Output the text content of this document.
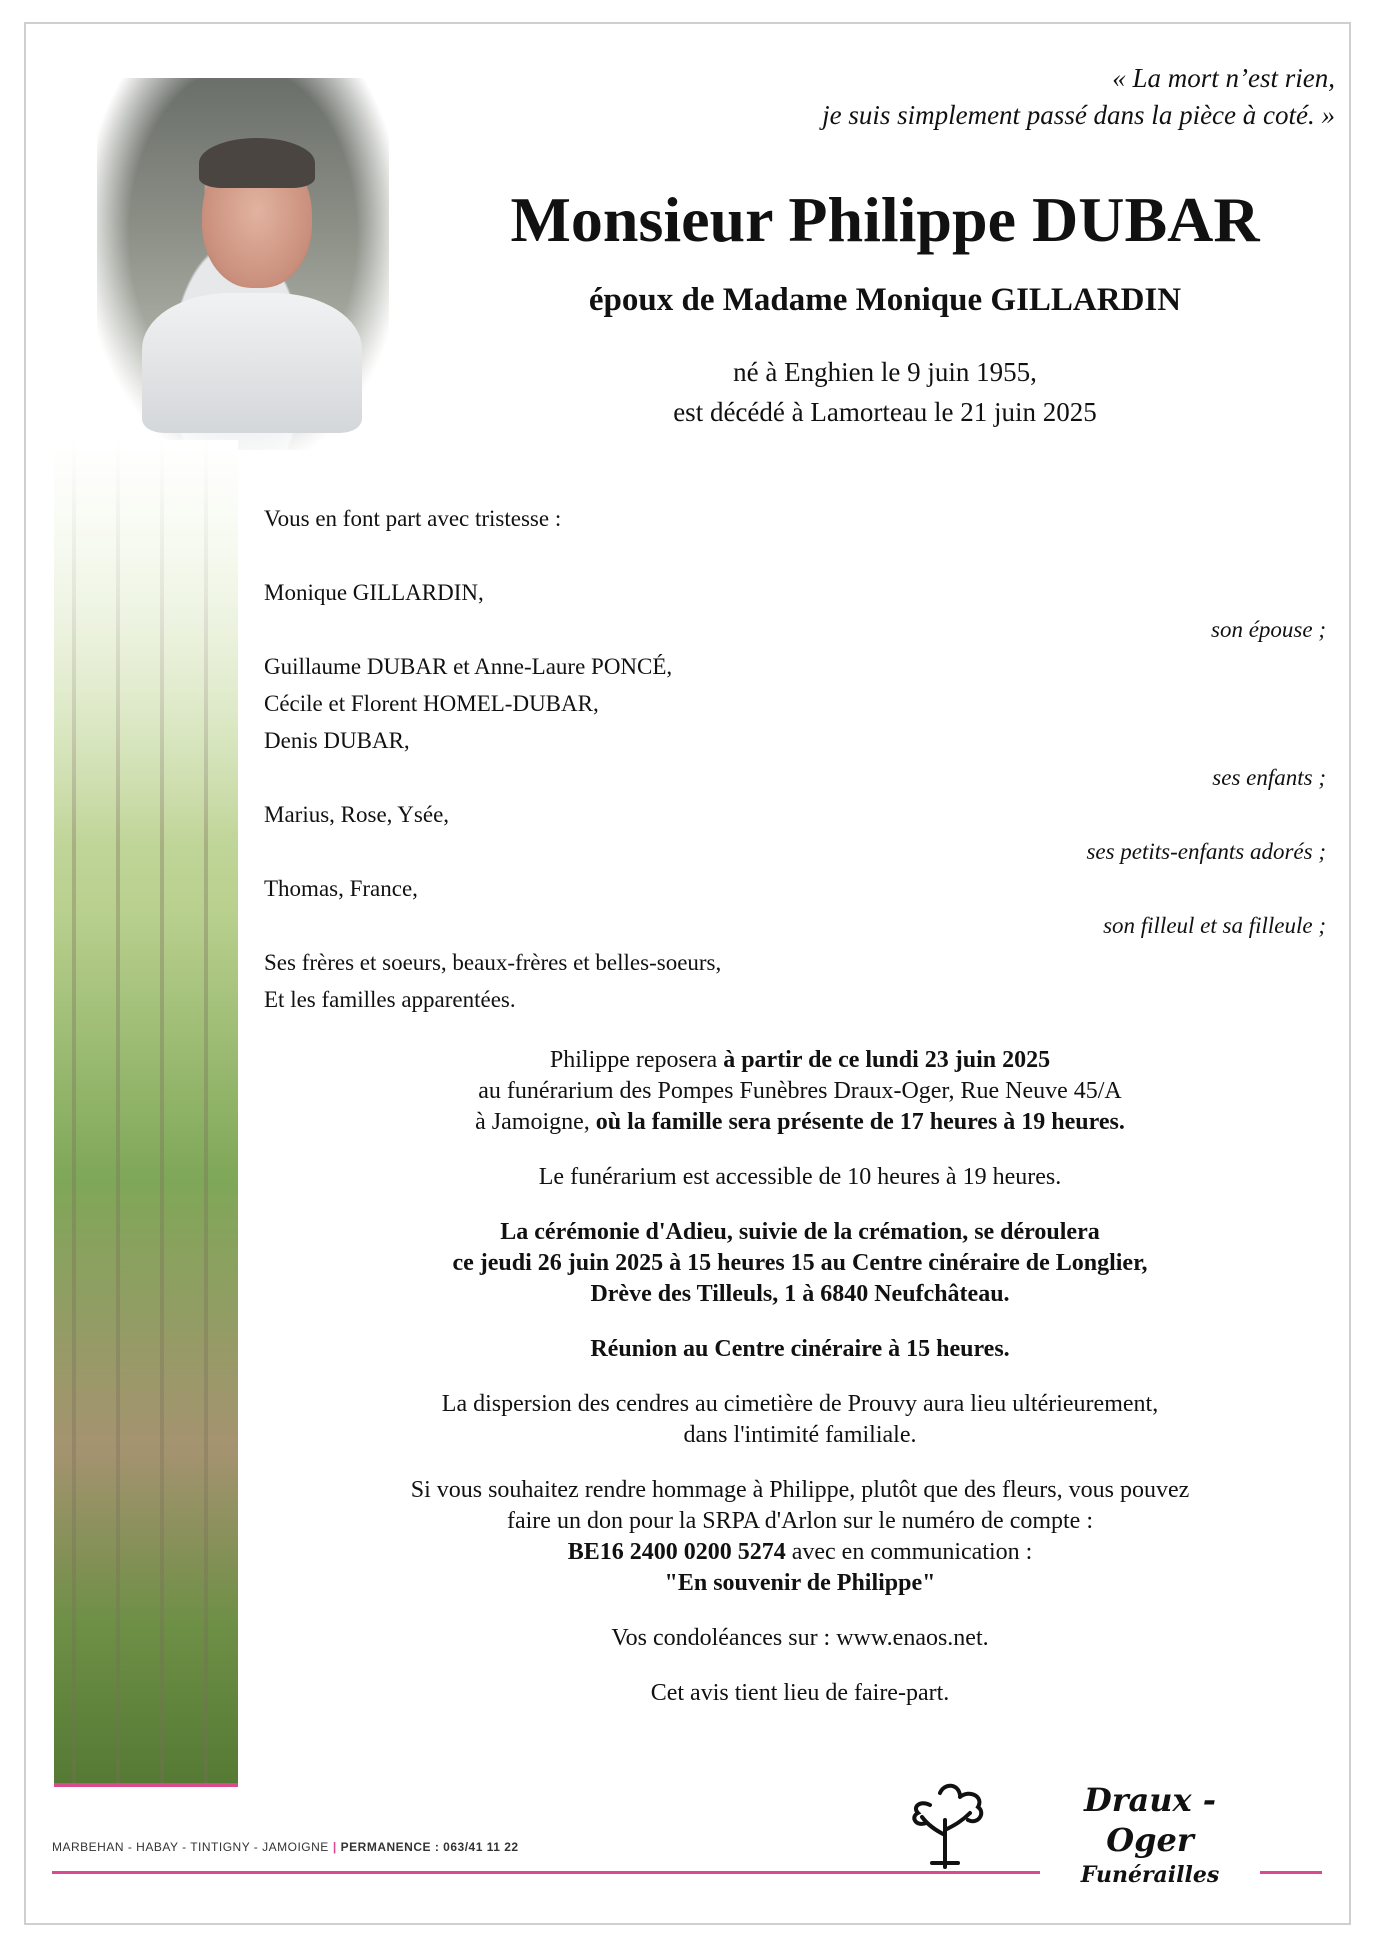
« La mort n’est rien,
je suis simplement passé dans la pièce à coté. »
Monsieur Philippe DUBAR
époux de Madame Monique GILLARDIN
né à Enghien le 9 juin 1955,
est décédé à Lamorteau le 21 juin 2025
Vous en font part avec tristesse :
Monique GILLARDIN,
son épouse ;
Guillaume DUBAR et Anne-Laure PONCÉ,
Cécile et Florent HOMEL-DUBAR,
Denis DUBAR,
ses enfants ;
Marius, Rose, Ysée,
ses petits-enfants adorés ;
Thomas, France,
son filleul et sa filleule ;
Ses frères et soeurs, beaux-frères et belles-soeurs,
Et les familles apparentées.

Philippe reposera à partir de ce lundi 23 juin 2025

au funérarium des Pompes Funèbres Draux-Oger, Rue Neuve 45/A

à Jamoigne, où la famille sera présente de 17 heures à 19 heures.

Le funérarium est accessible de 10 heures à 19 heures.

La cérémonie d'Adieu, suivie de la crémation, se déroulera

ce jeudi 26 juin 2025 à 15 heures 15 au Centre cinéraire de Longlier,

Drève des Tilleuls, 1 à 6840 Neufchâteau.

Réunion au Centre cinéraire à 15 heures.

La dispersion des cendres au cimetière de Prouvy aura lieu ultérieurement,

dans l'intimité familiale.

Si vous souhaitez rendre hommage à Philippe, plutôt que des fleurs, vous pouvez

faire un don pour la SRPA d'Arlon sur le numéro de compte :

BE16 2400 0200 5274 avec en communication :

"En souvenir de Philippe"

Vos condoléances sur : www.enaos.net.

Cet avis tient lieu de faire-part.

MARBEHAN - HABAY - TINTIGNY - JAMOIGNE | PERMANENCE : 063/41 11 22
Draux - Oger
Funérailles
